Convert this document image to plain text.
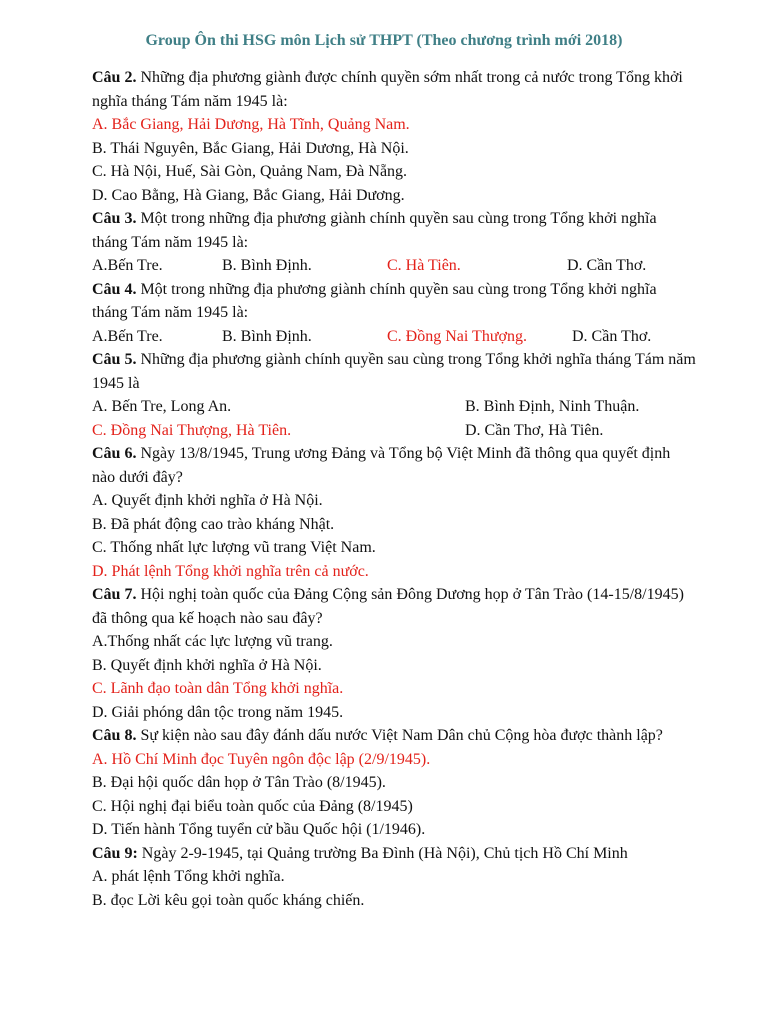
Group Ôn thi HSG môn Lịch sử THPT (Theo chương trình mới 2018)

Câu 2. Những địa phương giành được chính quyền sớm nhất trong cả nước trong Tổng khởi nghĩa tháng Tám năm 1945 là:

A. Bắc Giang, Hải Dương, Hà Tĩnh, Quảng Nam.

B. Thái Nguyên, Bắc Giang, Hải Dương, Hà Nội.

C. Hà Nội, Huế, Sài Gòn, Quảng Nam, Đà Nẵng.

D. Cao Bằng, Hà Giang, Bắc Giang, Hải Dương.

Câu 3. Một trong những địa phương giành chính quyền sau cùng trong Tổng khởi nghĩa tháng Tám năm 1945 là:

A.Bến Tre.	B. Bình Định.	C. Hà Tiên.	D. Cần Thơ.

Câu 4. Một trong những địa phương giành chính quyền sau cùng trong Tổng khởi nghĩa tháng Tám năm 1945 là:

A.Bến Tre.	B. Bình Định.	C. Đồng Nai Thượng.	D. Cần Thơ.

Câu 5. Những địa phương giành chính quyền sau cùng trong Tổng khởi nghĩa tháng Tám năm 1945 là

A. Bến Tre, Long An.	B. Bình Định, Ninh Thuận.
C. Đồng Nai Thượng, Hà Tiên.	D. Cần Thơ, Hà Tiên.

Câu 6. Ngày 13/8/1945, Trung ương Đảng và Tổng bộ Việt Minh đã thông qua quyết định nào dưới đây?

A. Quyết định khởi nghĩa ở Hà Nội.

B. Đã phát động cao trào kháng Nhật.

C. Thống nhất lực lượng vũ trang Việt Nam.

D. Phát lệnh Tổng khởi nghĩa trên cả nước.

Câu 7. Hội nghị toàn quốc của Đảng Cộng sản Đông Dương họp ở Tân Trào (14-15/8/1945) đã thông qua kế hoạch nào sau đây?

A.Thống nhất các lực lượng vũ trang.

B. Quyết định khởi nghĩa ở Hà Nội.

C. Lãnh đạo toàn dân Tổng khởi nghĩa.

D. Giải phóng dân tộc trong năm 1945.

Câu 8. Sự kiện nào sau đây đánh dấu nước Việt Nam Dân chủ Cộng hòa được thành lập?

A. Hồ Chí Minh đọc Tuyên ngôn độc lập (2/9/1945).

B. Đại hội quốc dân họp ở Tân Trào (8/1945).

C. Hội nghị đại biểu toàn quốc của Đảng (8/1945)

D. Tiến hành Tổng tuyển cử bầu Quốc hội (1/1946).

Câu 9: Ngày 2-9-1945, tại Quảng trường Ba Đình (Hà Nội), Chủ tịch Hồ Chí Minh

A. phát lệnh Tổng khởi nghĩa.

B. đọc Lời kêu gọi toàn quốc kháng chiến.
